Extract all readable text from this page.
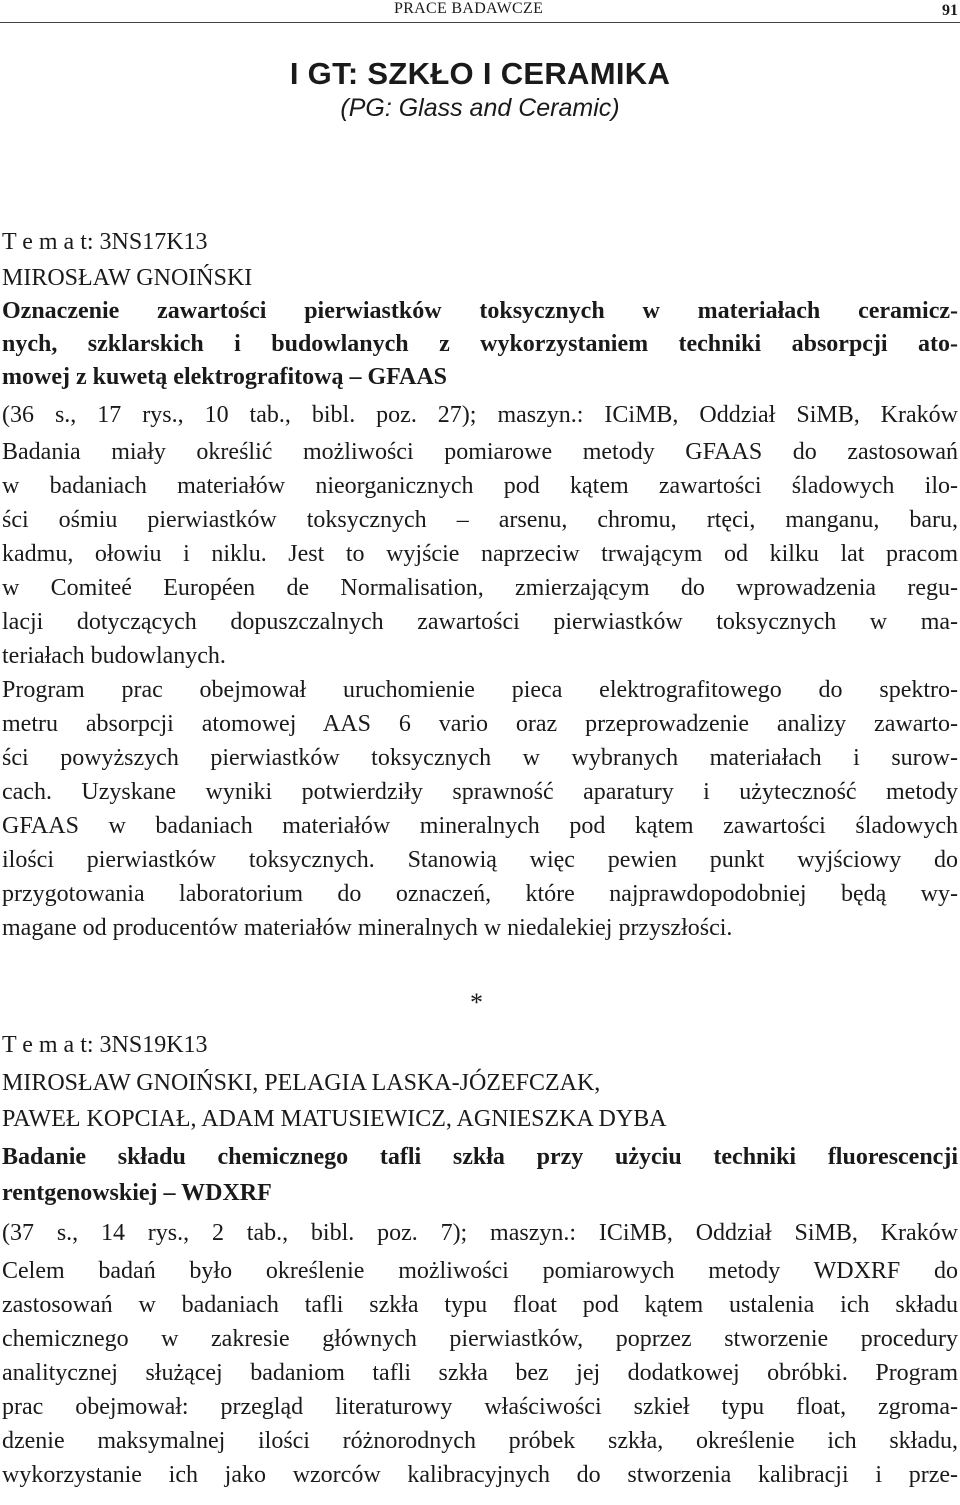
PRACE BADAWCZE	91
I GT: SZKŁO I CERAMIKA
(PG: Glass and Ceramic)
T e m a t: 3NS17K13
MIROSŁAW GNOIŃSKI
Oznaczenie zawartości pierwiastków toksycznych w materiałach ceramicz-
nych, szklarskich i budowlanych z wykorzystaniem techniki absorpcji ato-
mowej z kuwetą elektrografitową – GFAAS
(36 s., 17 rys., 10 tab., bibl. poz. 27); maszyn.: ICiMB, Oddział SiMB, Kraków
Badania miały określić możliwości pomiarowe metody GFAAS do zastosowań
w badaniach materiałów nieorganicznych pod kątem zawartości śladowych ilo-
ści ośmiu pierwiastków toksycznych – arsenu, chromu, rtęci, manganu, baru,
kadmu, ołowiu i niklu. Jest to wyjście naprzeciw trwającym od kilku lat pracom
w Comiteé Européen de Normalisation, zmierzającym do wprowadzenia regu-
lacji dotyczących dopuszczalnych zawartości pierwiastków toksycznych w ma-
teriałach budowlanych.
Program prac obejmował uruchomienie pieca elektrografitowego do spektro-
metru absorpcji atomowej AAS 6 vario oraz przeprowadzenie analizy zawarto-
ści powyższych pierwiastków toksycznych w wybranych materiałach i surow-
cach. Uzyskane wyniki potwierdziły sprawność aparatury i użyteczność metody
GFAAS w badaniach materiałów mineralnych pod kątem zawartości śladowych
ilości pierwiastków toksycznych. Stanowią więc pewien punkt wyjściowy do
przygotowania laboratorium do oznaczeń, które najprawdopodobniej będą wy-
magane od producentów materiałów mineralnych w niedalekiej przyszłości.
*
T e m a t: 3NS19K13
MIROSŁAW GNOIŃSKI, PELAGIA LASKA-JÓZEFCZAK,
PAWEŁ KOPCIAŁ, ADAM MATUSIEWICZ, AGNIESZKA DYBA
Badanie składu chemicznego tafli szkła przy użyciu techniki fluorescencji
rentgenowskiej – WDXRF
(37 s., 14 rys., 2 tab., bibl. poz. 7); maszyn.: ICiMB, Oddział SiMB, Kraków
Celem badań było określenie możliwości pomiarowych metody WDXRF do
zastosowań w badaniach tafli szkła typu float pod kątem ustalenia ich składu
chemicznego w zakresie głównych pierwiastków, poprzez stworzenie procedury
analitycznej służącej badaniom tafli szkła bez jej dodatkowej obróbki. Program
prac obejmował: przegląd literaturowy właściwości szkieł typu float, zgroma-
dzenie maksymalnej ilości różnorodnych próbek szkła, określenie ich składu,
wykorzystanie ich jako wzorców kalibracyjnych do stworzenia kalibracji i prze-
